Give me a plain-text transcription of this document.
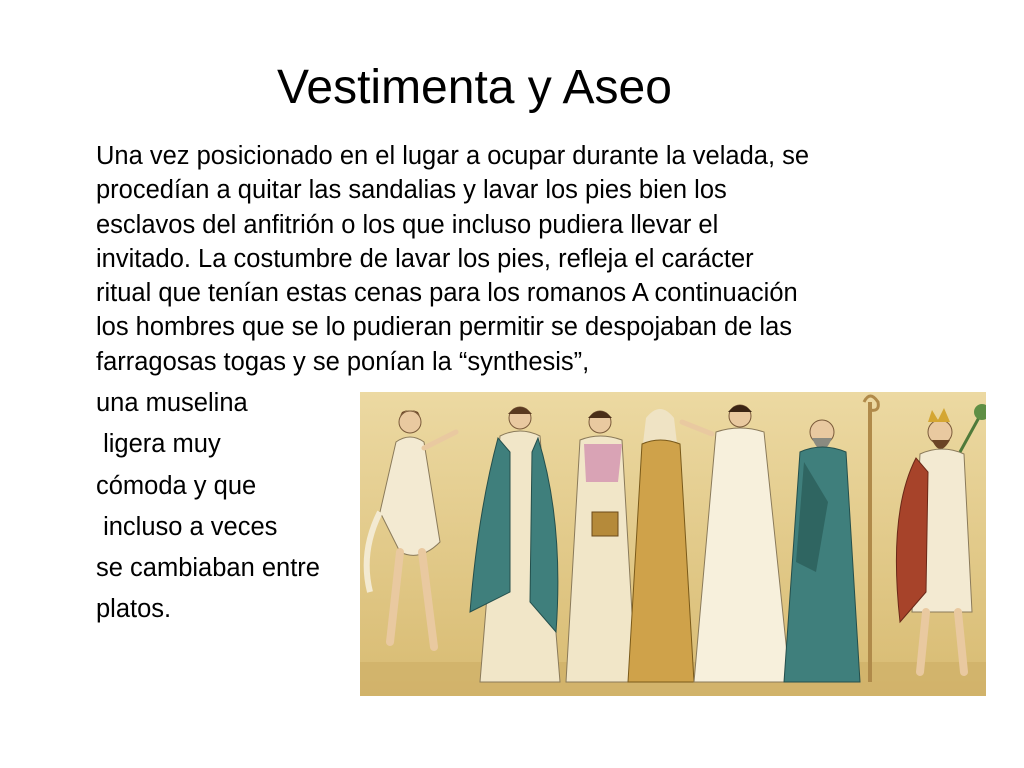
Vestimenta y Aseo
Una vez posicionado en el lugar a ocupar durante la velada, se
procedían a quitar las sandalias y lavar los pies bien los
esclavos del anfitrión o los que incluso pudiera llevar el
invitado. La costumbre de lavar los pies, refleja el carácter
ritual que tenían estas cenas para los romanos A continuación
los hombres que se lo pudieran permitir se despojaban de las
farragosas togas y se ponían la “synthesis”,
una muselina
ligera muy
cómoda y que
incluso a veces
se cambiaban entre
platos.
